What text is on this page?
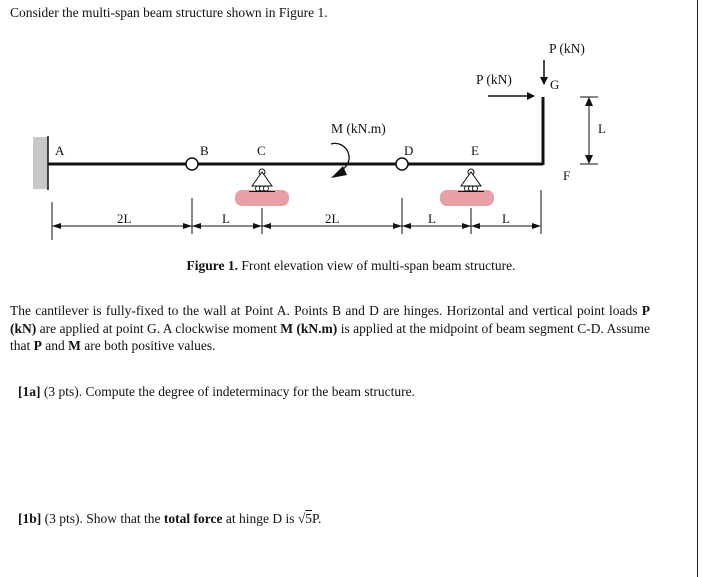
Consider the multi-span beam structure shown in Figure 1.
A	B	C	D	E
F
G
P (kN)
P (kN)
M (kN.m)	L
2L	L	2L	L	L
Figure 1. Front elevation view of multi-span beam structure.
The cantilever is fully-fixed to the wall at Point A. Points B and D are hinges. Horizontal and vertical point loads P (kN) are applied at point G. A clockwise moment M (kN.m) is applied at the midpoint of beam segment C-D. Assume that P and M are both positive values.
[1a] (3 pts). Compute the degree of indeterminacy for the beam structure.
[1b] (3 pts). Show that the total force at hinge D is √5P.
